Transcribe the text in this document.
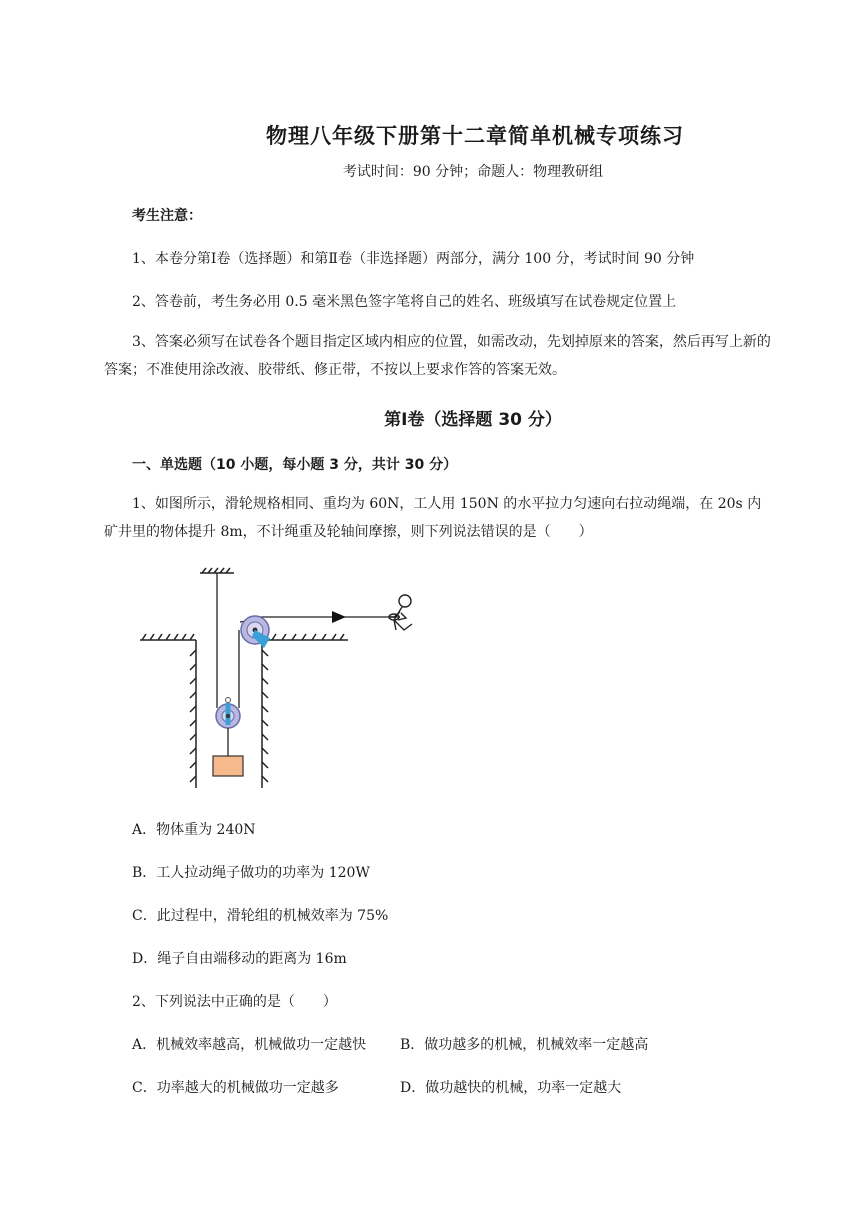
物理八年级下册第十二章简单机械专项练习
考试时间：90 分钟；命题人：物理教研组
考生注意：
1、本卷分第Ⅰ卷（选择题）和第Ⅱ卷（非选择题）两部分，满分 100 分，考试时间 90 分钟
2、答卷前，考生务必用 0.5 毫米黑色签字笔将自己的姓名、班级填写在试卷规定位置上
3、答案必须写在试卷各个题目指定区域内相应的位置，如需改动，先划掉原来的答案，然后再写上新的答案；不准使用涂改液、胶带纸、修正带，不按以上要求作答的答案无效。
第Ⅰ卷（选择题 30 分）
一、单选题（10 小题，每小题 3 分，共计 30 分）
1、如图所示，滑轮规格相同、重均为 60N，工人用 150N 的水平拉力匀速向右拉动绳端，在 20s 内矿井里的物体提升 8m，不计绳重及轮轴间摩擦，则下列说法错误的是（　　）
A．物体重为 240N
B．工人拉动绳子做功的功率为 120W
C．此过程中，滑轮组的机械效率为 75%
D．绳子自由端移动的距离为 16m
2、下列说法中正确的是（　　）
A．机械效率越高，机械做功一定越快 B．做功越多的机械，机械效率一定越高
C．功率越大的机械做功一定越多	D．做功越快的机械，功率一定越大
